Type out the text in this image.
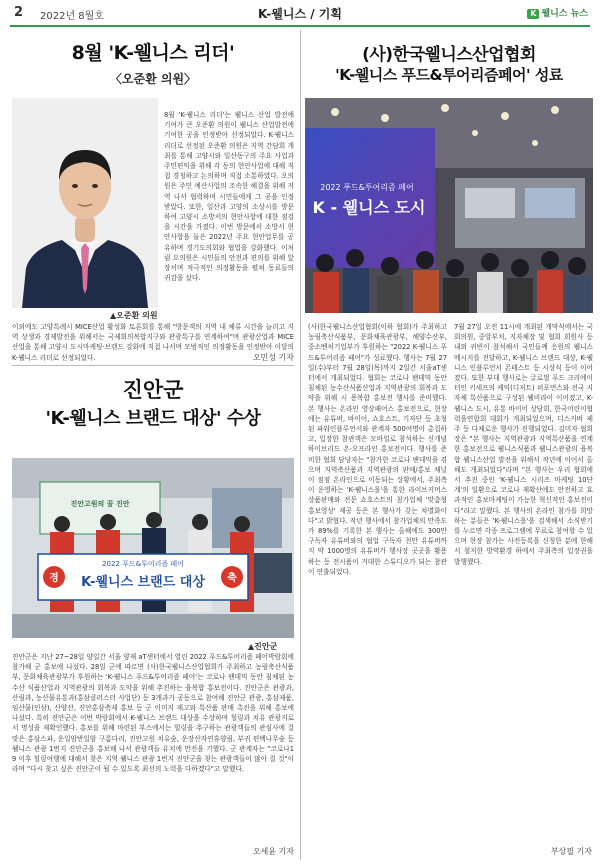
2 2022년 8월호	K-웰니스 / 기획	K 웰니스 뉴스
8월 'K-웰니스 리더'
〈오준환 의원〉
▲오준환 의원
8월 'K-웰니스 리더'는 웰니스 산업 발전에 기여가 큰 오준환 의원이 웰니스 산업발전에 기여한 공을 인정받아 선정되었다. K-웰니스 리더로 선정된 오준환 의원은 지역 간담회 개최를 통해 고양시와 일산동구의 주요 사업과 주민편익을 위해 각 동의 현안사업에 대해 직접 경청하고 논의하며 직접 소통하였다. 오의원은 주민 예산사업의 조속한 해결을 위해 지역 나서 협력하며 시민들에게 그 공을 인정 받았다. 또한, 일산과 고양의 소상시를 방문하여 고양시 소방서의 현안사항에 대한 점검을 시간을 가졌다. 이번 방문에서 소방서 현안사항을 둘은 2022년 주요 현안업무를 공유하며 경기도의회와 협업을 강화했다. 이처럼 오의원은 시민들의 안전과 편의를 위해 앞장서며 적극적인 의정활동을 펼쳐 동료들의 귀감을 샀다.
이외에도 고양특례시 MICE산업 활성화 토론회를 통해 "방문객의 지역 내 체류 시간을 늘리고 지역 상생과 경제발전을 위해서는 국제회의복합지구와 관광특구를 연계하여"며 관광산업과 MICE산업을 통해 고양시 도시마케팅·브랜드 강화에 직접 나서며 모범적인 의정활동을 인정받아 이달의 K-웰니스 리더로 선정되었다.	오민성 기자
(사)한국웰니스산업협회
'K-웰니스 푸드&투어리즘페어' 성료
2022 푸드&투어리즘 페어
K - 웰니스 도시
(사)한국웰니스산업협회(이하 협회)가 주최하고 농림축산식품부, 문화체육관광부, 해양수산부, 중소벤처기업부가 후원하는 "2022 K-웰니스 푸드&투어리즘 페어"가 성료했다. 행사는 7월 27일(수)부터 7월 28일(목)까지 2일간 서울aT센터에서 개최되었다. 협회는 코로나 팬데믹 동안 침체된 농수산식품산업과 지역관광의 회복과 도약을 위해 시 용복합 홍보전 행사를 준비했다. 본 행사는 온라인 영상패어스 홍보전으로, 현장에는 유튜버, 바이어, 쇼호스트, 기자단 등 초청된 파워인플루언서와 관계자 500여명이 총집하고, 입장한 참관객은 모바일로 참석하는 신개념 하이브리드 온·오프라인 홍보전이다. 행사를 준비한 협회 담당자는 "참가한 코로나 팬데믹을 겪으며 지역축산품과 지역관광의 판매/홍보 채널이 점점 온라인으로 이동되는 상황에서, 주최측이 운영하는 'K-웰니스몰'을 통한 라이브커머스 상품판매와 전문 쇼호스트의 참가업체 '맞춤형 홍보영상' 제공 등은 본 행사가 갖는 차별화이다"고 밝혔다. 작년 행사에서 참가업체의 만족도가 89%를 기록한 본 행사는 올해에도 300만 구독자 유튜버와의 협업 구독자 천만 유튜버까지 약 1000명의 유튜버가 행사장 곳곳을 활용하는 등 전시품이 거대한 스튜디오가 되는 참관이 연출되었다.
7월 27일 오전 11시에 개최된 개막식에서는 국회의원, 중앙부처, 지자체장 및 협회 회원사 등 내외 귀빈이 참석해서 국민들께 응원의 웰니스 메시지를 전달하고, K-웰니스 브랜드 대상, K-웰니스 인플루언서 콘테스트 등 시상식 등이 이어졌다. 또한 부대 행사로는 글로벌 푸드 크리에이터인 키세프의 케익(디저트) 퍼포먼스와 전국 지자체 특산품으로 구성된 웰비라이 이어졌고, K-웰니스 도시, 유통 바이어 상담회, 한국어린이협력을연합회 대회가 개최되었으며, 디스커버 제주 등 다채로운 행사가 진행되었다. 김미자 협회장은 "본 행사는 지역관광과 지역특산품을 연계한 홍보전으로 웰니스식품과 웰니스관광의 융복합 웰니스산업 발전을 위해서 작년에 이어서 올해도 개최되었다"라며 "본 행사는 우리 협회에서 추진 중인 'K-웰니스 시리즈 마케팅 10단계'의 일환으로 코로나 재확산에도 안전하고 효과적인 홍보마케팅이 가능한 혁신적인 홍보전이다"라고 말했다. 본 행사의 온라인 참가를 희망하는 분들은 'K-웰니스몰'을 검색해서 소식받기를 누르면 각종 프로그램에 무료로 참여할 수 있으며 현장 참가는 사전등록을 신청한 분에 한해서 철저한 방역환경 하에서 주최측의 입장권을 발행했다.
부상필 기자
진안군
'K-웰니스 브랜드 대상' 수상
진안고원의 꿈 진안
경	축
2022 푸드&투어리즘 페어
K-웰니스 브랜드 대상
▲진안군
진안군은 지난 27~28일 양일간 서울 양재 aT센터에서 열린 2022 푸드&투어리즘 페어박람회에 참가해 군 홍보에 나섰다. 28일 군에 따르면 (사)한국웰니스산업협회가 주최하고 농림축산식품부, 문화체육관광부가 후원하는 'K-웰니스 푸드&투어리즘 페어'는 코로나 팬데믹 동안 침체된 농수산 식품산업과 지역관광의 회복과 도약을 위해 추진하는 융복합 홍보전이다. 진안군은 관광과, 산림과, 농산물유통과(홍삼클러스터 사업단) 등 3개과가 공동으로 참여해 진안군 관광, 홍삼제품, 임산물(인삼), 산양산, 진안홍삼축제 홍보 등 군 이미지 제고와 특산품 판매 촉진을 위해 홍보에 나섰다. 특히 진안군은 이번 박람회에서 K-웰니스 브랜드 대상을 수상하며 힐링과 치유 관광지로서 명성을 재확인했다. 홍보를 위해 마련된 부스에서는 힐링을 추구하는 관광객들의 관심사에 걸맞은 홍삼스파, 운일암반일암 구름다리, 진안고원 치유숲, 운장산자연휴양림, 부귀 편백나무숲 등 웰니스 관광 1번지 진안군을 홍보해 나서 관광객들 유치에 만전을 기했다. 군 관계자는 "코로나19 이후 힐링여행에 대해서 찾은 지역 웰니스 관광 1번지 진안군을 찾는 관광객들이 많아 질 것"이라며 "다시 찾고 싶은 진안군이 될 수 있도록 최선의 노력을 다하겠다"고 말했다.
오세윤 기자
